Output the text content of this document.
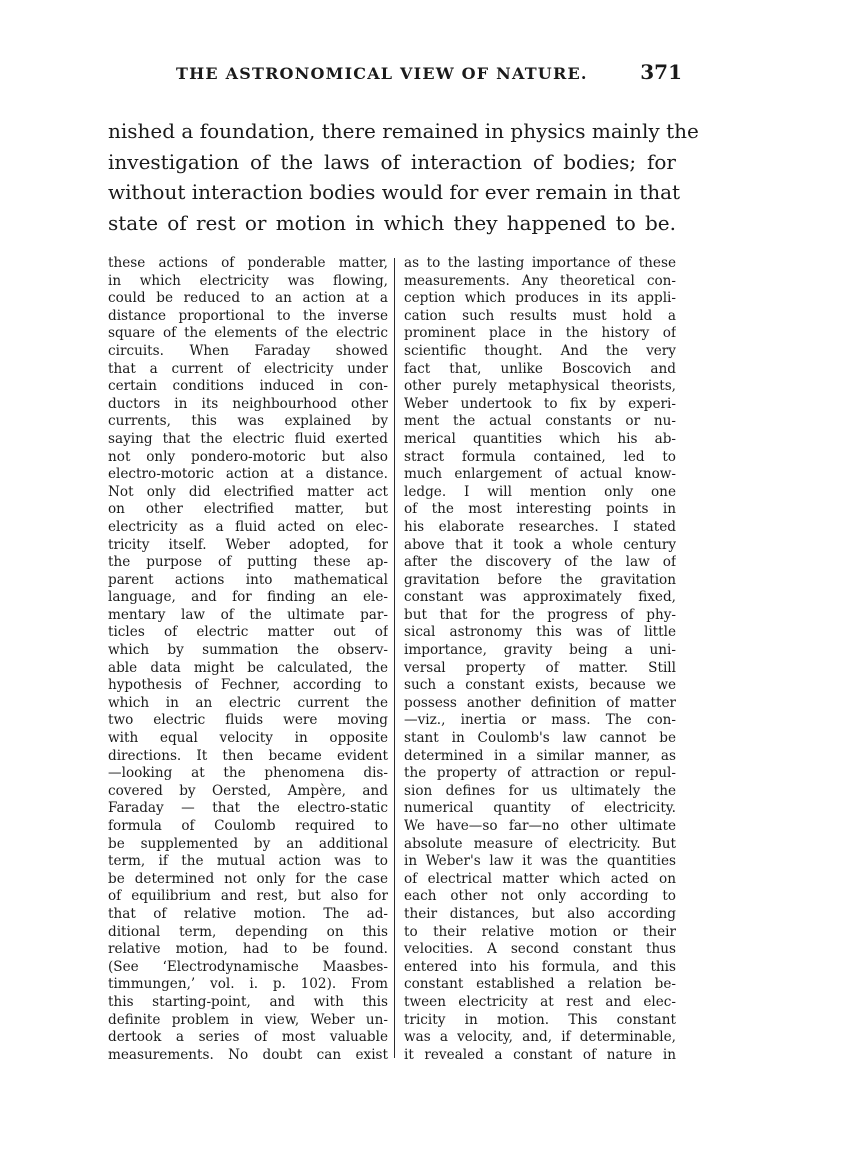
THE ASTRONOMICAL VIEW OF NATURE.	371
nished a foundation, there remained in physics mainly the
investigation of the laws of interaction of bodies; for
without interaction bodies would for ever remain in that
state of rest or motion in which they happened to be.
these actions of ponderable matter,
in which electricity was flowing,
could be reduced to an action at a
distance proportional to the inverse
square of the elements of the electric
circuits. When Faraday showed
that a current of electricity under
certain conditions induced in con-
ductors in its neighbourhood other
currents, this was explained by
saying that the electric fluid exerted
not only pondero-motoric but also
electro-motoric action at a distance.
Not only did electrified matter act
on other electrified matter, but
electricity as a fluid acted on elec-
tricity itself. Weber adopted, for
the purpose of putting these ap-
parent actions into mathematical
language, and for finding an ele-
mentary law of the ultimate par-
ticles of electric matter out of
which by summation the observ-
able data might be calculated, the
hypothesis of Fechner, according to
which in an electric current the
two electric fluids were moving
with equal velocity in opposite
directions. It then became evident
—looking at the phenomena dis-
covered by Oersted, Ampère, and
Faraday — that the electro-static
formula of Coulomb required to
be supplemented by an additional
term, if the mutual action was to
be determined not only for the case
of equilibrium and rest, but also for
that of relative motion. The ad-
ditional term, depending on this
relative motion, had to be found.
(See ‘Electrodynamische Maasbes-
timmungen,’ vol. i. p. 102). From
this starting-point, and with this
definite problem in view, Weber un-
dertook a series of most valuable
measurements. No doubt can exist
as to the lasting importance of these
measurements. Any theoretical con-
ception which produces in its appli-
cation such results must hold a
prominent place in the history of
scientific thought. And the very
fact that, unlike Boscovich and
other purely metaphysical theorists,
Weber undertook to fix by experi-
ment the actual constants or nu-
merical quantities which his ab-
stract formula contained, led to
much enlargement of actual know-
ledge. I will mention only one
of the most interesting points in
his elaborate researches. I stated
above that it took a whole century
after the discovery of the law of
gravitation before the gravitation
constant was approximately fixed,
but that for the progress of phy-
sical astronomy this was of little
importance, gravity being a uni-
versal property of matter. Still
such a constant exists, because we
possess another definition of matter
—viz., inertia or mass. The con-
stant in Coulomb's law cannot be
determined in a similar manner, as
the property of attraction or repul-
sion defines for us ultimately the
numerical quantity of electricity.
We have—so far—no other ultimate
absolute measure of electricity. But
in Weber's law it was the quantities
of electrical matter which acted on
each other not only according to
their distances, but also according
to their relative motion or their
velocities. A second constant thus
entered into his formula, and this
constant established a relation be-
tween electricity at rest and elec-
tricity in motion. This constant
was a velocity, and, if determinable,
it revealed a constant of nature in
